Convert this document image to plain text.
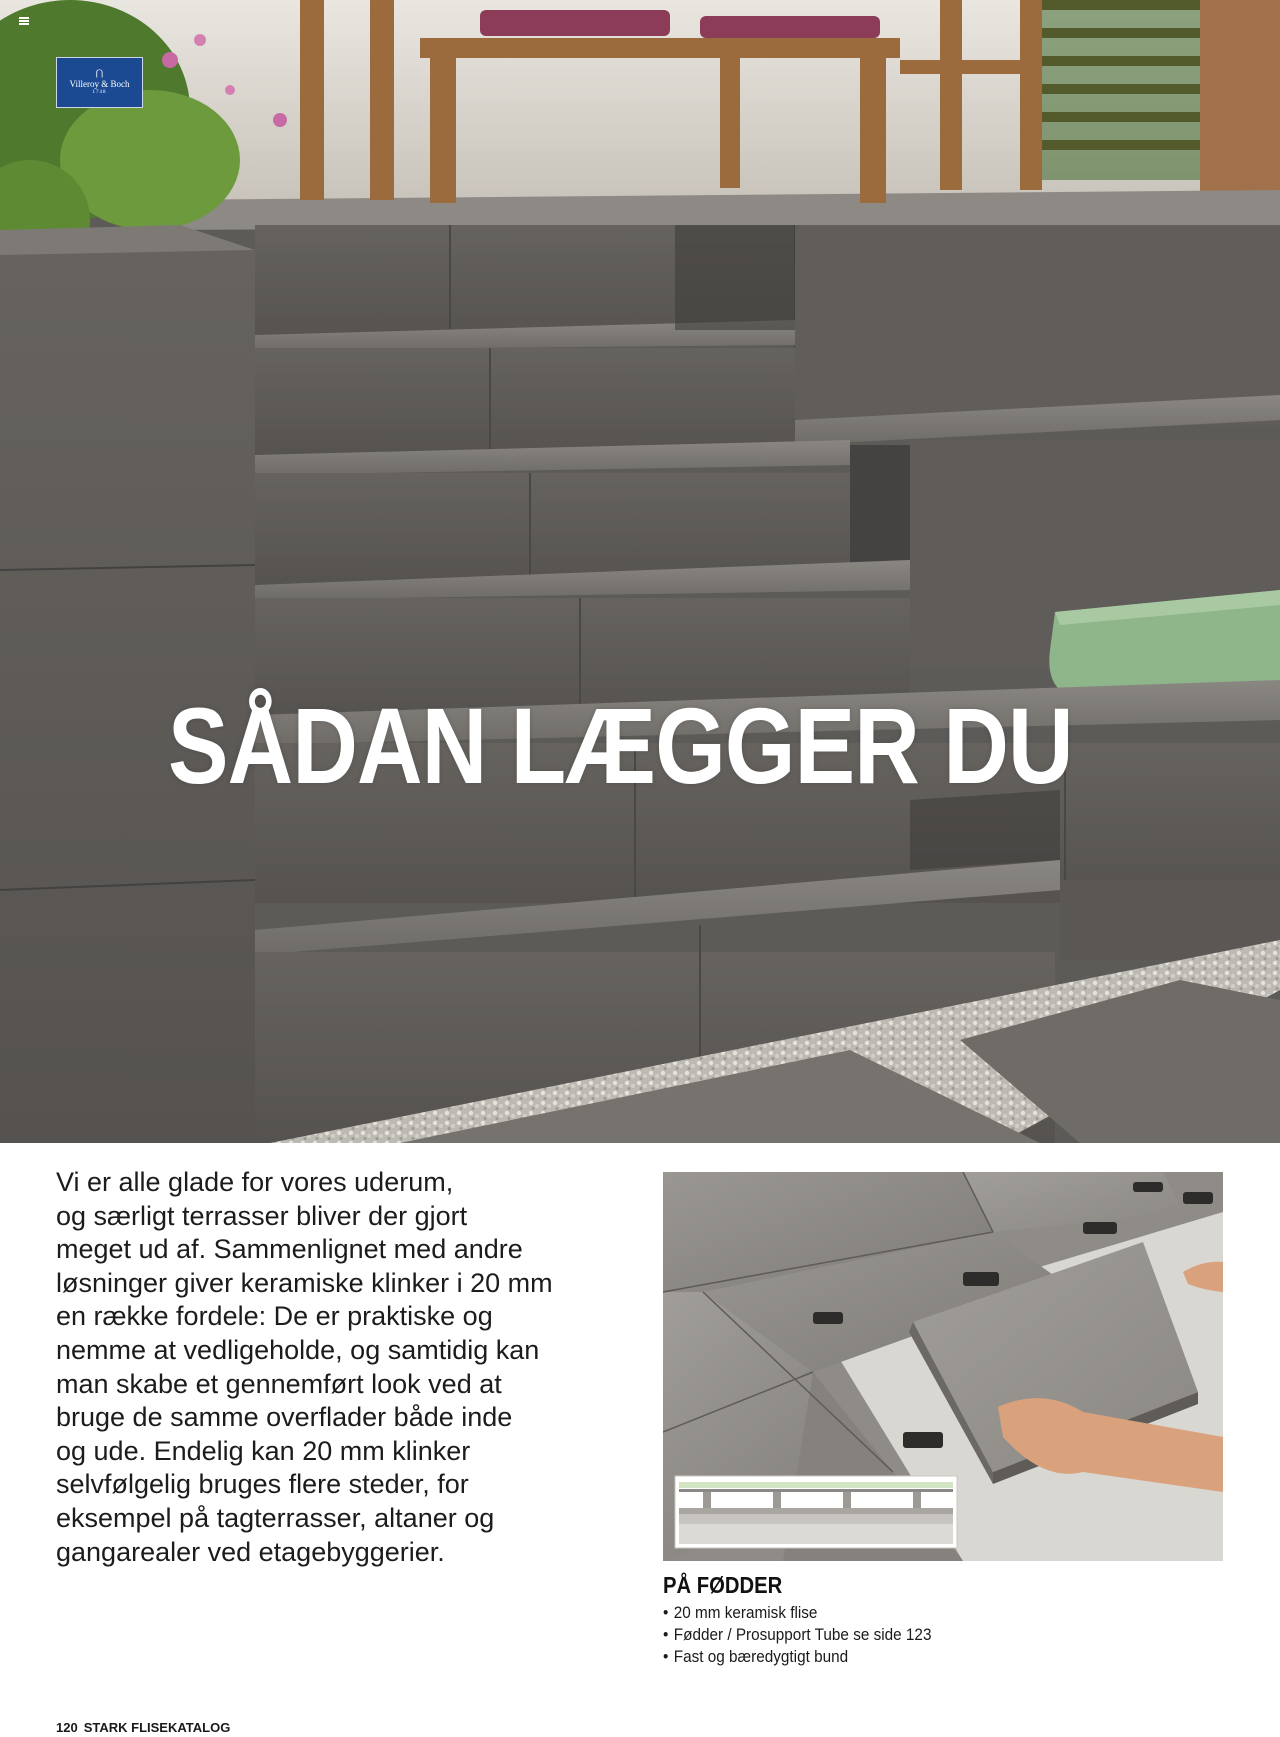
⋂
Villeroy & Boch
1748
SÅDAN LÆGGER DU

Vi er alle glade for vores uderum,
og særligt terrasser bliver der gjort
meget ud af. Sammenlignet med andre
løsninger giver keramiske klinker i 20 mm
en række fordele: De er praktiske og
nemme at vedligeholde, og samtidig kan
man skabe et gennemført look ved at
bruge de samme overflader både inde
og ude. Endelig kan 20 mm klinker
selvfølgelig bruges flere steder, for
eksempel på tagterrasser, altaner og
gangarealer ved etagebyggerier.

PÅ FØDDER
• 20 mm keramisk flise
• Fødder / Prosupport Tube se side 123
• Fast og bæredygtigt bund

120 STARK FLISEKATALOG
